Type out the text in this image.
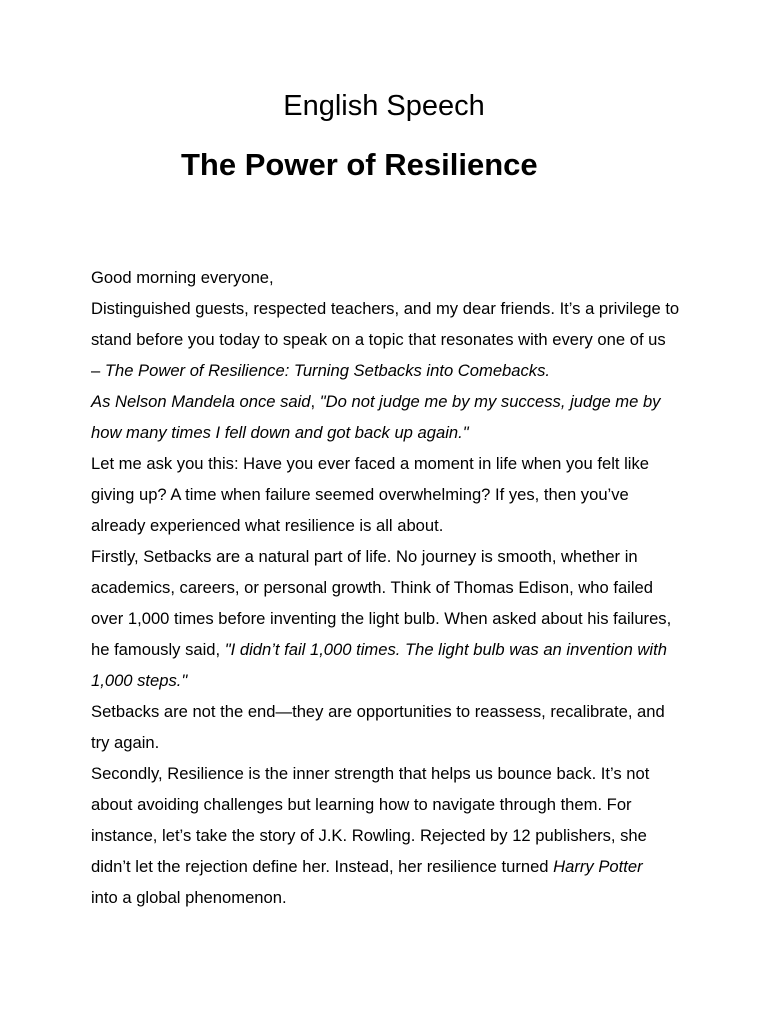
English Speech
The Power of Resilience
Good morning everyone,
Distinguished guests, respected teachers, and my dear friends. It’s a privilege to
stand before you today to speak on a topic that resonates with every one of us
– The Power of Resilience: Turning Setbacks into Comebacks.
As Nelson Mandela once said, "Do not judge me by my success, judge me by
how many times I fell down and got back up again."
Let me ask you this: Have you ever faced a moment in life when you felt like
giving up? A time when failure seemed overwhelming? If yes, then you’ve
already experienced what resilience is all about.
Firstly, Setbacks are a natural part of life. No journey is smooth, whether in
academics, careers, or personal growth. Think of Thomas Edison, who failed
over 1,000 times before inventing the light bulb. When asked about his failures,
he famously said, "I didn’t fail 1,000 times. The light bulb was an invention with
1,000 steps."
Setbacks are not the end—they are opportunities to reassess, recalibrate, and
try again.
Secondly, Resilience is the inner strength that helps us bounce back. It’s not
about avoiding challenges but learning how to navigate through them. For
instance, let’s take the story of J.K. Rowling. Rejected by 12 publishers, she
didn’t let the rejection define her. Instead, her resilience turned Harry Potter
into a global phenomenon.
